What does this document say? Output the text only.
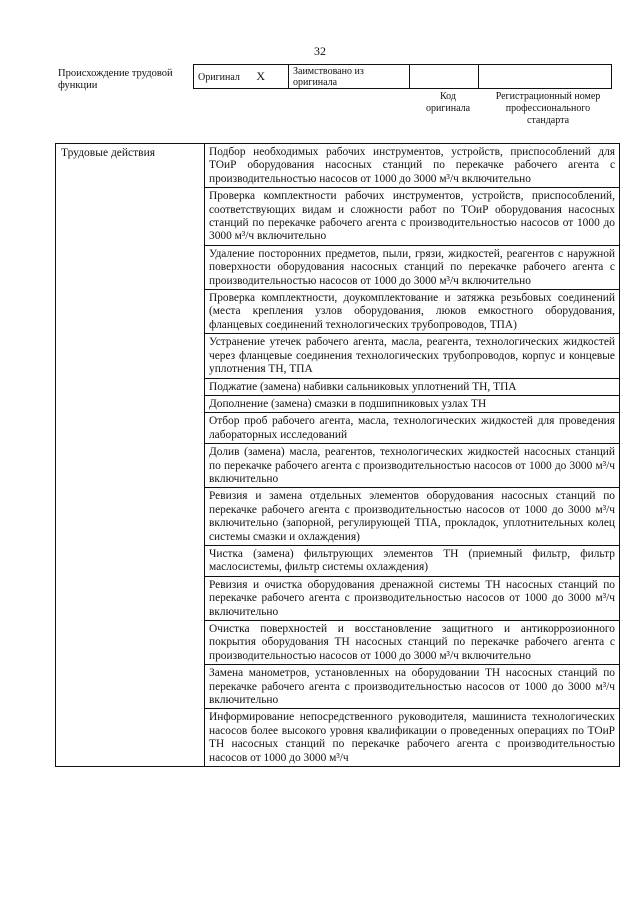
32
Происхождение трудовой функции
Оригинал X	Заимствовано из оригинала		
Код оригинала
Регистрационный номер профессионального стандарта
Трудовые действия	Подбор необходимых рабочих инструментов, устройств, приспособлений для ТОиР оборудования насосных станций по перекачке рабочего агента с производительностью насосов от 1000 до 3000 м³/ч включительно
Проверка комплектности рабочих инструментов, устройств, приспособлений, соответствующих видам и сложности работ по ТОиР оборудования насосных станций по перекачке рабочего агента с производительностью насосов от 1000 до 3000 м³/ч включительно
Удаление посторонних предметов, пыли, грязи, жидкостей, реагентов с наружной поверхности оборудования насосных станций по перекачке рабочего агента с производительностью насосов от 1000 до 3000 м³/ч включительно
Проверка комплектности, доукомплектование и затяжка резьбовых соединений (места крепления узлов оборудования, люков емкостного оборудования, фланцевых соединений технологических трубопроводов, ТПА)
Устранение утечек рабочего агента, масла, реагента, технологических жидкостей через фланцевые соединения технологических трубопроводов, корпус и концевые уплотнения ТН, ТПА
Поджатие (замена) набивки сальниковых уплотнений ТН, ТПА
Дополнение (замена) смазки в подшипниковых узлах ТН
Отбор проб рабочего агента, масла, технологических жидкостей для проведения лабораторных исследований
Долив (замена) масла, реагентов, технологических жидкостей насосных станций по перекачке рабочего агента с производительностью насосов от 1000 до 3000 м³/ч включительно
Ревизия и замена отдельных элементов оборудования насосных станций по перекачке рабочего агента с производительностью насосов от 1000 до 3000 м³/ч включительно (запорной, регулирующей ТПА, прокладок, уплотнительных колец системы смазки и охлаждения)
Чистка (замена) фильтрующих элементов ТН (приемный фильтр, фильтр маслосистемы, фильтр системы охлаждения)
Ревизия и очистка оборудования дренажной системы ТН насосных станций по перекачке рабочего агента с производительностью насосов от 1000 до 3000 м³/ч включительно
Очистка поверхностей и восстановление защитного и антикоррозионного покрытия оборудования ТН насосных станций по перекачке рабочего агента с производительностью насосов от 1000 до 3000 м³/ч включительно
Замена манометров, установленных на оборудовании ТН насосных станций по перекачке рабочего агента с производительностью насосов от 1000 до 3000 м³/ч включительно
Информирование непосредственного руководителя, машиниста технологических насосов более высокого уровня квалификации о проведенных операциях по ТОиР ТН насосных станций по перекачке рабочего агента с производительностью насосов от 1000 до 3000 м³/ч
